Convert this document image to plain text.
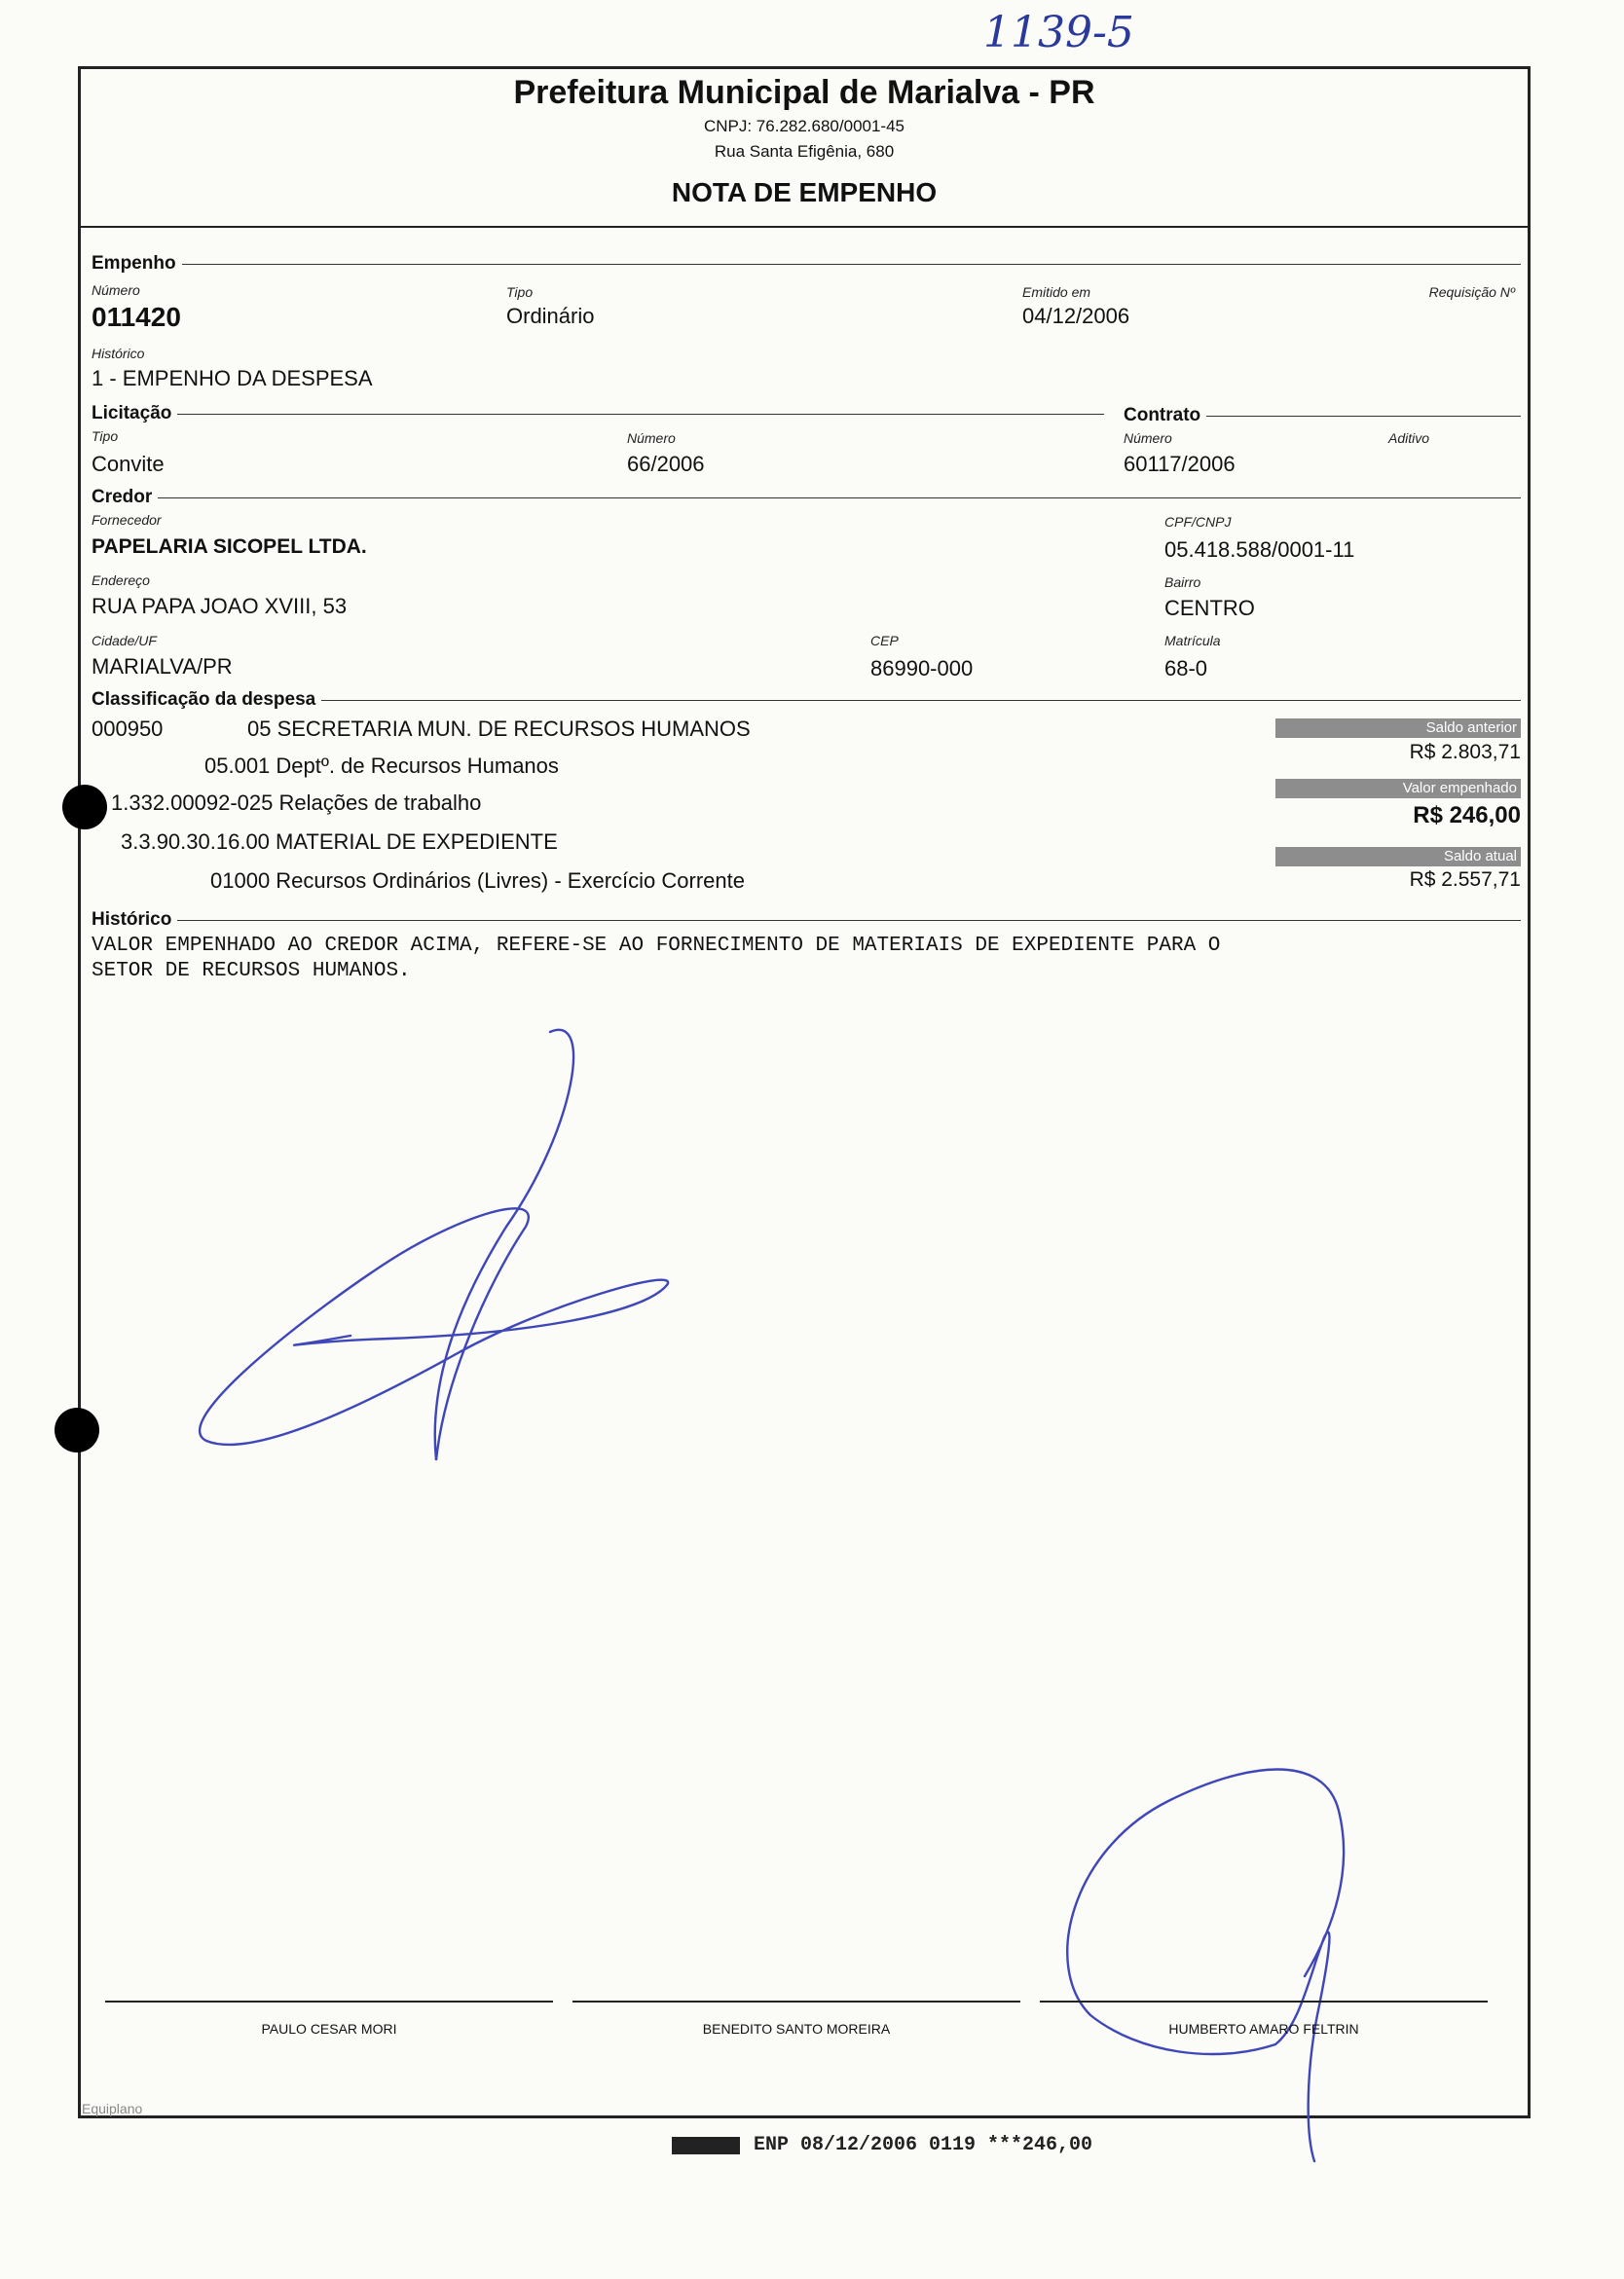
1139-5
Prefeitura Municipal de Marialva - PR
CNPJ: 76.282.680/0001-45
Rua Santa Efigênia, 680
NOTA DE EMPENHO
Empenho
Número
011420
Tipo
Ordinário
Emitido em
04/12/2006
Requisição Nº
Histórico
1 - EMPENHO DA DESPESA
Licitação	Contrato
Tipo
Convite
Número
66/2006
Número
60117/2006
Aditivo
Credor
Fornecedor
PAPELARIA SICOPEL LTDA.
CPF/CNPJ
05.418.588/0001-11
Endereço
RUA PAPA JOAO XVIII, 53
Bairro
CENTRO
Cidade/UF
MARIALVA/PR
CEP
86990-000
Matrícula
68-0
Classificação da despesa
000950	05 SECRETARIA MUN. DE RECURSOS HUMANOS
05.001 Deptº. de Recursos Humanos
1.332.00092-025 Relações de trabalho
3.3.90.30.16.00 MATERIAL DE EXPEDIENTE
01000 Recursos Ordinários (Livres) - Exercício Corrente
Saldo anterior
R$ 2.803,71
Valor empenhado
R$ 246,00
Saldo atual
R$ 2.557,71
Histórico
VALOR EMPENHADO AO CREDOR ACIMA, REFERE-SE AO FORNECIMENTO DE MATERIAIS DE EXPEDIENTE PARA O
SETOR DE RECURSOS HUMANOS.
PAULO CESAR MORI	BENEDITO SANTO MOREIRA	HUMBERTO AMARO FELTRIN
Equiplano
ENP 08/12/2006 0119 ***246,00
